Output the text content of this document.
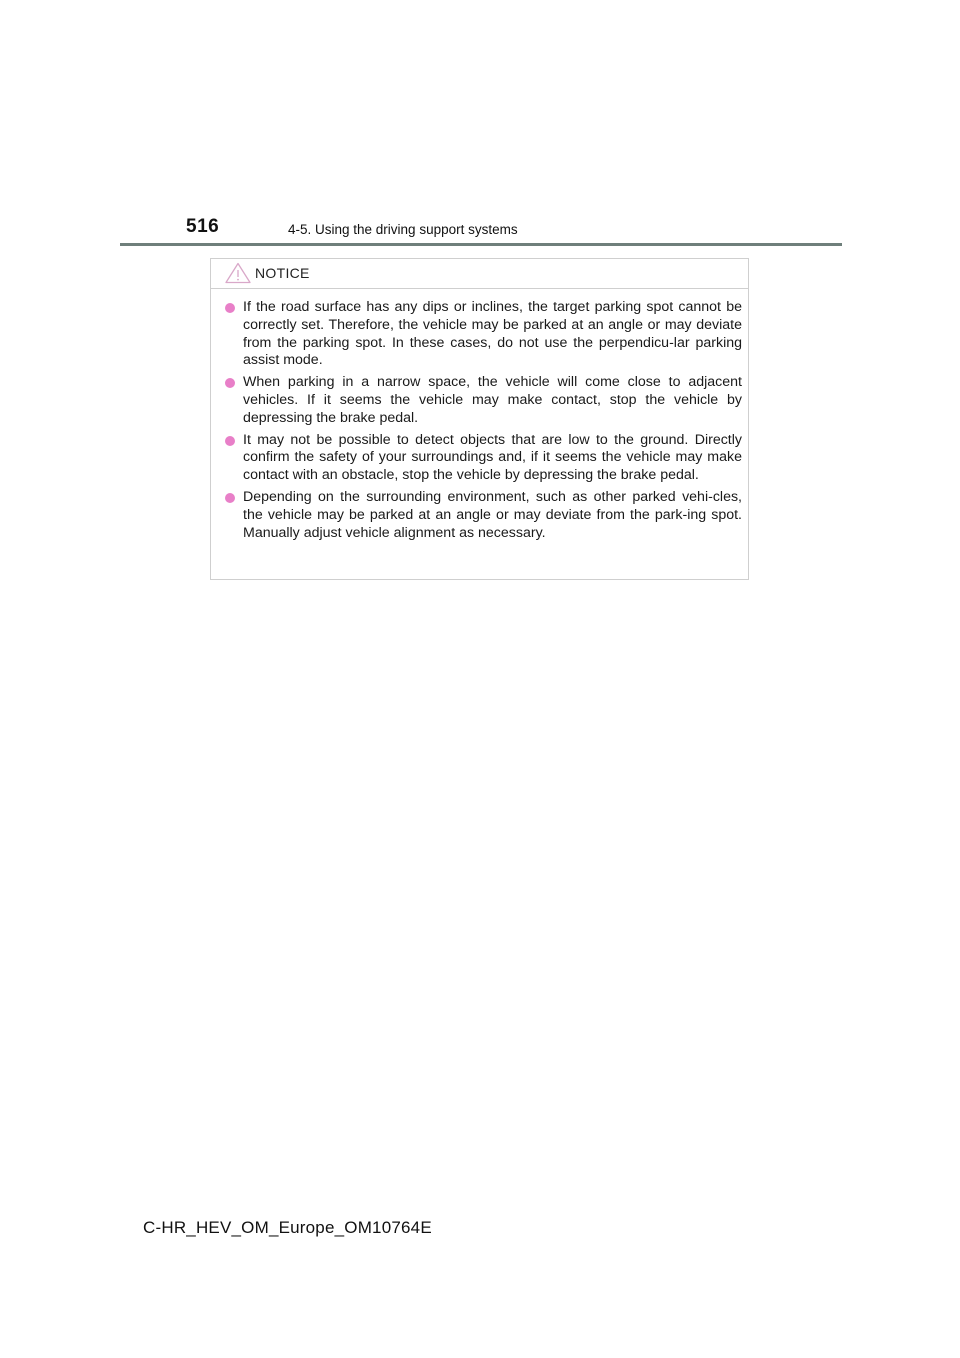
516	4-5. Using the driving support systems
NOTICE
If the road surface has any dips or inclines, the target parking spot cannot be correctly set. Therefore, the vehicle may be parked at an angle or may deviate from the parking spot. In these cases, do not use the perpendicu-lar parking assist mode.
When parking in a narrow space, the vehicle will come close to adjacent vehicles. If it seems the vehicle may make contact, stop the vehicle by depressing the brake pedal.
It may not be possible to detect objects that are low to the ground. Directly confirm the safety of your surroundings and, if it seems the vehicle may make contact with an obstacle, stop the vehicle by depressing the brake pedal.
Depending on the surrounding environment, such as other parked vehi-cles, the vehicle may be parked at an angle or may deviate from the park-ing spot. Manually adjust vehicle alignment as necessary.
C-HR_HEV_OM_Europe_OM10764E
